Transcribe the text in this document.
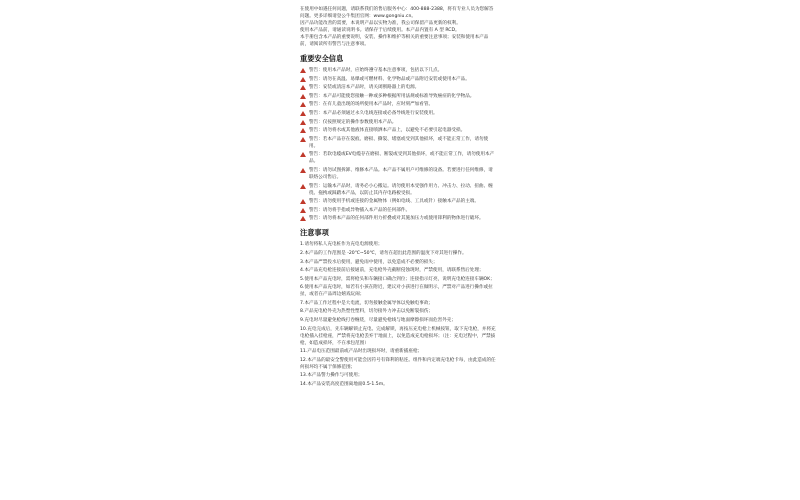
在使用中如遇任何问题，请联系我们的售后服务中心：400-888-2388，将有专业人员为您解答问题。更多详细请登公牛集团官网：www.gongniu.cn。

因产品功能改善的需要，本说明产品以实物为准，我公司保留产品更新的权利。

使用本产品前，请通读说明书。请保存于后续使用。本产品内置有 A 型 RCD。

本手册包含本产品的重要说明，安装、操作和维护等相关的重要注意事项；安装和使用本产品前，请阅读所有警告与注意事项。

重要安全信息
警告：使用本产品时，应始终遵守基本注意事项，包括以下几点。
警告：请勿在高温、易爆或可燃材料、化学物品或产品附近安装或使用本产品。
警告：安装或清洁本产品时，请关闭断路器上的电源。
警告：本产品可能使您接触一种或多种根据所用法规或标准导致癌症的化学物品。
警告：在有儿童出现的场所使用本产品时，应时刻严加看管。
警告：本产品必须通过永久电线连接或必备导线进行安装使用。
警告：仅按照规定的操作参数使用本产品。
警告：请勿将水或其他液体直接喷洒本产品上，以避免不必要引起电器受损。
警告：若本产品存在裂痕、磨损、撕裂、堵塞或受到其他损坏，或不能正常工作，请勿使用。
警告：若软电缆或EV电缆存在磨损、断裂或受到其他损坏，或不能正常工作，请勿使用本产品。
警告：请勿试图拆卸、维修本产品。本产品不属用户可维修的设备。若要进行任何维修，请联络公司售后。
警告：运输本产品时，请务必小心搬运。请勿使用本受强作用力、冲击力、拉动、扭曲、缠绕、拖拽或踩踏本产品，以防止其内存电路板受损。
警告：请勿使用手机或连接的金属物体（例如电线、工具或针）接触本产品的主端。
警告：请勿将手指或异物插入本产品的任何部件。
警告：请勿将本产品的任何部件用力折叠或对其施加压力或使用锋利的物体进行破坏。
注意事项

1.请勿将私人充电桩作为充电电源使用；

2.本产品的工作范围是 -20℃~50℃，请勿在超出此范围的温度下对其进行操作。

3.本产品严禁投水后使用，避免雨中使用，以免造成不必要的损失；

4.本产品充电枪连接前后接通前，充电枪外壳截断侵蚀现时，严禁使用，请联系售后处理；

5.使用本产品充电时，需将枪头和车辆接口确合到位；连接指示灯亮，说明充电枪连接车辆OK；

6.使用本产品充电时，如若有小孩在附近，建议对小孩进行在做明示，严禁对产品进行操作或拉扯，或者在产品周边嬉戏玩闹；

7.本产品工作过程中是大电流，切勿接触金属导体以免触电事故；

8.产品充电枪外壳为热塑性塑料，切勿接外力冲击以免断裂损伤；

9.充电时尽量避免枪线打卷缠绕，尽量避免枪线与地面摩擦损坏而危害外壳；

10.充电完成后，先车辆解锁止充电、完成解锁，再按压充电枪上机械按钮，取下充电枪，并将充电枪插入挂枪座，严禁将充电枪丢弃于地面上，以免造成充电枪损坏；（注：充电过程中，严禁拔枪，如造成损坏，不在承包范围）

11.产品电压范围最前或产品时出现损坏时，请重新插座枪；

12.本产品的最安全警使用可能会因符号有锋利的粘连。组件和内定端充电枪卡每，由此造成的任何损坏均不属于保修范围；

13.本产品警力操作与可使用；

14.本产品安装高度范围离地面0.5-1.5m。
